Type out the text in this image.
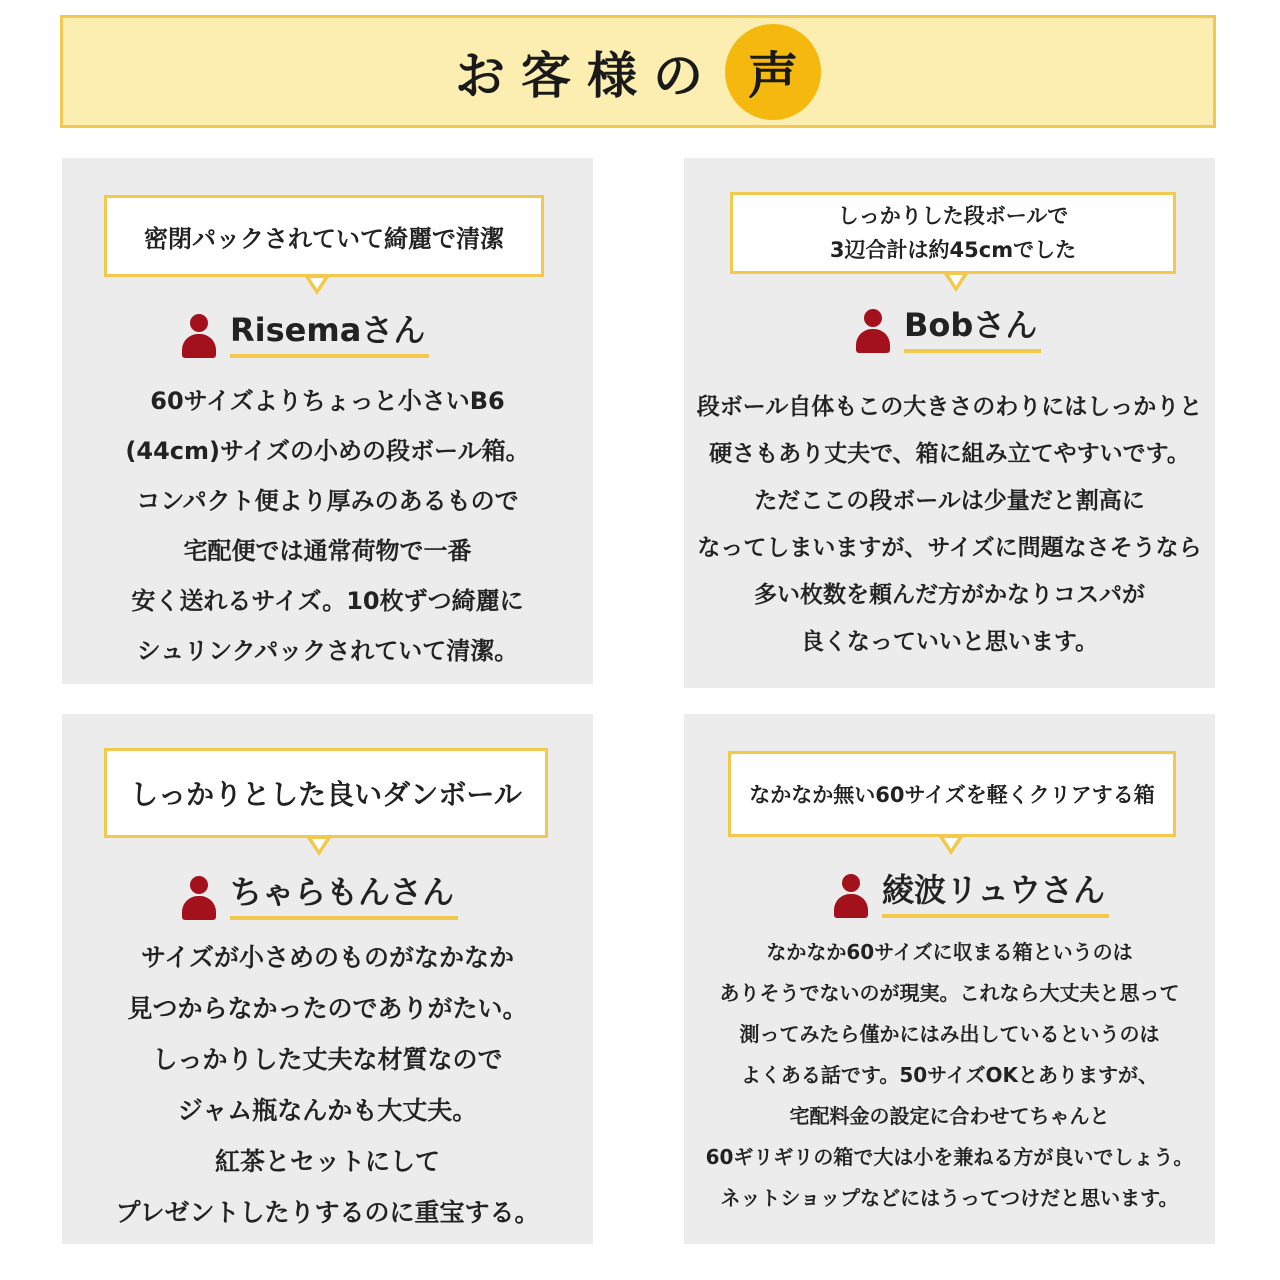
お客様の 声
密閉パックされていて綺麗で清潔
Risemaさん
60サイズよりちょっと小さいB6
(44cm)サイズの小めの段ボール箱。
コンパクト便より厚みのあるもので
宅配便では通常荷物で一番
安く送れるサイズ。10枚ずつ綺麗に
シュリンクパックされていて清潔。
しっかりした段ボールで
3辺合計は約45cmでした
Bobさん
段ボール自体もこの大きさのわりにはしっかりと
硬さもあり丈夫で、箱に組み立てやすいです。
ただここの段ボールは少量だと割高に
なってしまいますが、サイズに問題なさそうなら
多い枚数を頼んだ方がかなりコスパが
良くなっていいと思います。
しっかりとした良いダンボール
ちゃらもんさん
サイズが小さめのものがなかなか
見つからなかったのでありがたい。
しっかりした丈夫な材質なので
ジャム瓶なんかも大丈夫。
紅茶とセットにして
プレゼントしたりするのに重宝する。
なかなか無い60サイズを軽くクリアする箱
綾波リュウさん
なかなか60サイズに収まる箱というのは
ありそうでないのが現実。これなら大丈夫と思って
測ってみたら僅かにはみ出しているというのは
よくある話です。50サイズOKとありますが、
宅配料金の設定に合わせてちゃんと
60ギリギリの箱で大は小を兼ねる方が良いでしょう。
ネットショップなどにはうってつけだと思います。
